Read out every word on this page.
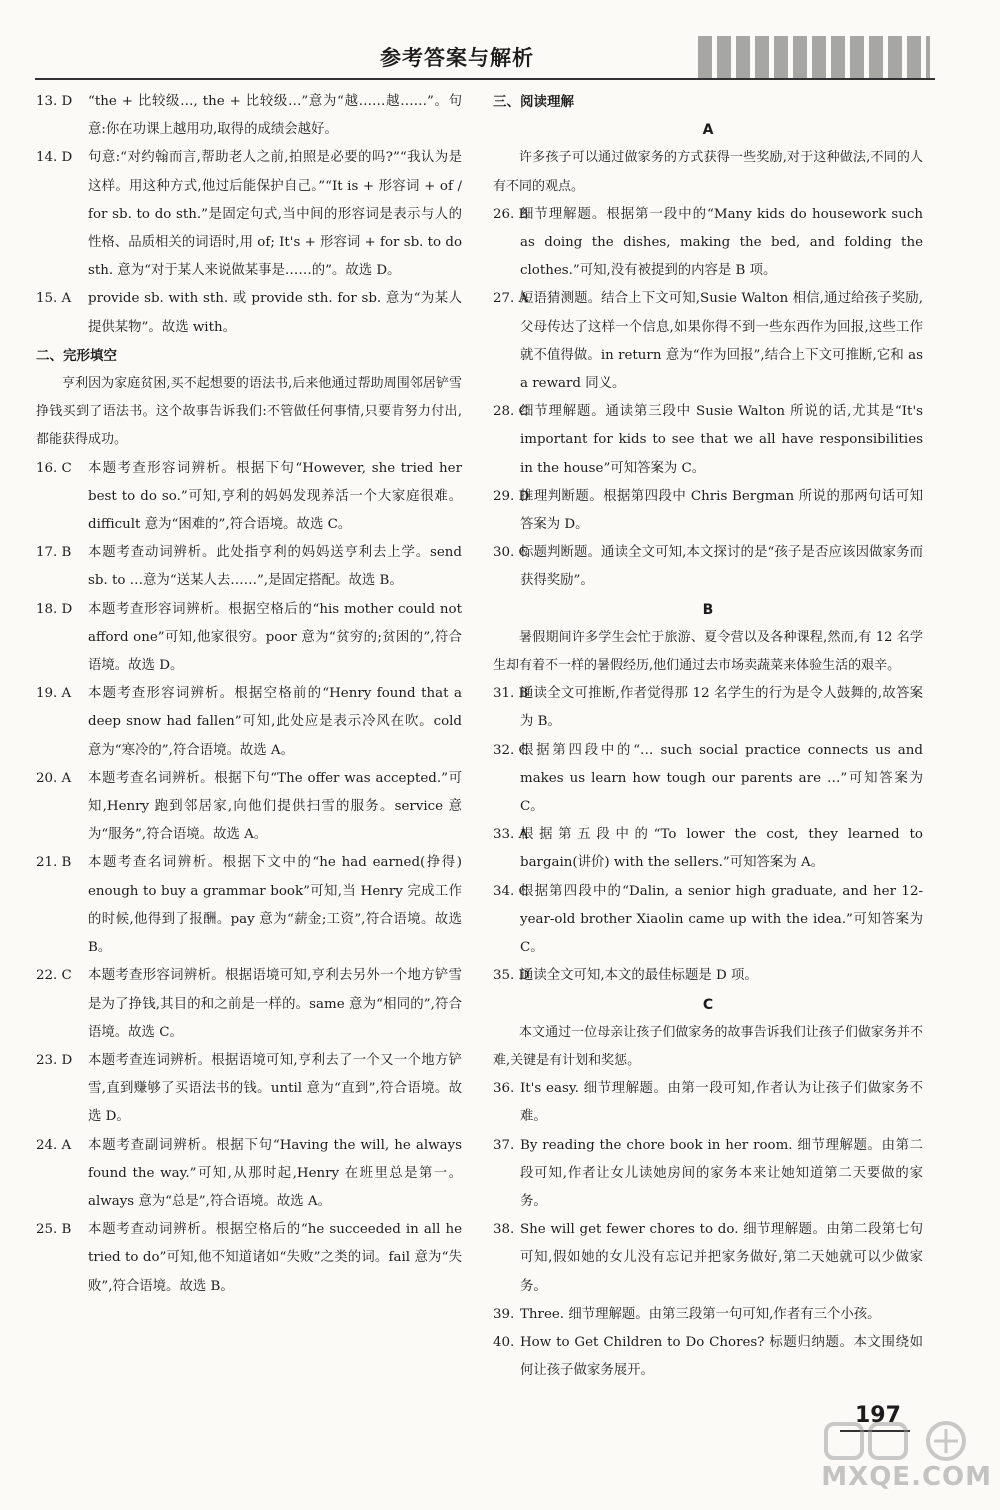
参考答案与解析
13. D	“the + 比较级…, the + 比较级…”意为“越……越……”。句意:你在功课上越用功,取得的成绩会越好。
14. D	句意:“对约翰而言,帮助老人之前,拍照是必要的吗?”“我认为是这样。用这种方式,他过后能保护自己。”“It is + 形容词 + of / for sb. to do sth.”是固定句式,当中间的形容词是表示与人的性格、品质相关的词语时,用 of; It's + 形容词 + for sb. to do sth. 意为“对于某人来说做某事是……的”。故选 D。
15. A	provide sb. with sth. 或 provide sth. for sb. 意为“为某人提供某物”。故选 with。
二、完形填空
亨利因为家庭贫困,买不起想要的语法书,后来他通过帮助周围邻居铲雪挣钱买到了语法书。这个故事告诉我们:不管做任何事情,只要肯努力付出,都能获得成功。
16. C	本题考查形容词辨析。根据下句“However, she tried her best to do so.”可知,亨利的妈妈发现养活一个大家庭很难。difficult 意为“困难的”,符合语境。故选 C。
17. B	本题考查动词辨析。此处指亨利的妈妈送亨利去上学。send sb. to …意为“送某人去……”,是固定搭配。故选 B。
18. D	本题考查形容词辨析。根据空格后的“his mother could not afford one”可知,他家很穷。poor 意为“贫穷的;贫困的”,符合语境。故选 D。
19. A	本题考查形容词辨析。根据空格前的“Henry found that a deep snow had fallen”可知,此处应是表示冷风在吹。cold 意为“寒冷的”,符合语境。故选 A。
20. A	本题考查名词辨析。根据下句“The offer was accepted.”可知,Henry 跑到邻居家,向他们提供扫雪的服务。service 意为“服务”,符合语境。故选 A。
21. B	本题考查名词辨析。根据下文中的“he had earned(挣得) enough to buy a grammar book”可知,当 Henry 完成工作的时候,他得到了报酬。pay 意为“薪金;工资”,符合语境。故选 B。
22. C	本题考查形容词辨析。根据语境可知,亨利去另外一个地方铲雪是为了挣钱,其目的和之前是一样的。same 意为“相同的”,符合语境。故选 C。
23. D	本题考查连词辨析。根据语境可知,亨利去了一个又一个地方铲雪,直到赚够了买语法书的钱。until 意为“直到”,符合语境。故选 D。
24. A	本题考查副词辨析。根据下句“Having the will, he always found the way.”可知,从那时起,Henry 在班里总是第一。always 意为“总是”,符合语境。故选 A。
25. B	本题考查动词辨析。根据空格后的“he succeeded in all he tried to do”可知,他不知道诸如“失败”之类的词。fail 意为“失败”,符合语境。故选 B。
三、阅读理解
A
许多孩子可以通过做家务的方式获得一些奖励,对于这种做法,不同的人有不同的观点。
26. B
细节理解题。根据第一段中的“Many kids do housework such as doing the dishes, making the bed, and folding the clothes.”可知,没有被提到的内容是 B 项。
27. A
短语猜测题。结合上下文可知,Susie Walton 相信,通过给孩子奖励,父母传达了这样一个信息,如果你得不到一些东西作为回报,这些工作就不值得做。in return 意为“作为回报”,结合上下文可推断,它和 as a reward 同义。
28. C
细节理解题。通读第三段中 Susie Walton 所说的话,尤其是“It's important for kids to see that we all have responsibilities in the house”可知答案为 C。
29. D
推理判断题。根据第四段中 Chris Bergman 所说的那两句话可知答案为 D。
30. C
标题判断题。通读全文可知,本文探讨的是“孩子是否应该因做家务而获得奖励”。
B
暑假期间许多学生会忙于旅游、夏令营以及各种课程,然而,有 12 名学生却有着不一样的暑假经历,他们通过去市场卖蔬菜来体验生活的艰辛。
31. B
通读全文可推断,作者觉得那 12 名学生的行为是令人鼓舞的,故答案为 B。
32. C
根据第四段中的“… such social practice connects us and makes us learn how tough our parents are …”可知答案为 C。
33. A
根据第五段中的“To lower the cost, they learned to bargain(讲价) with the sellers.”可知答案为 A。
34. C
根据第四段中的“Dalin, a senior high graduate, and her 12-year-old brother Xiaolin came up with the idea.”可知答案为 C。
35. D
通读全文可知,本文的最佳标题是 D 项。
C
本文通过一位母亲让孩子们做家务的故事告诉我们让孩子们做家务并不难,关键是有计划和奖惩。
36. It's easy. 细节理解题。由第一段可知,作者认为让孩子们做家务不难。
37. By reading the chore book in her room. 细节理解题。由第二段可知,作者让女儿读她房间的家务本来让她知道第二天要做的家务。
38. She will get fewer chores to do. 细节理解题。由第二段第七句可知,假如她的女儿没有忘记并把家务做好,第二天她就可以少做家务。
39. Three. 细节理解题。由第三段第一句可知,作者有三个小孩。
40. How to Get Children to Do Chores? 标题归纳题。本文围绕如何让孩子做家务展开。
197
MXQE.COM
